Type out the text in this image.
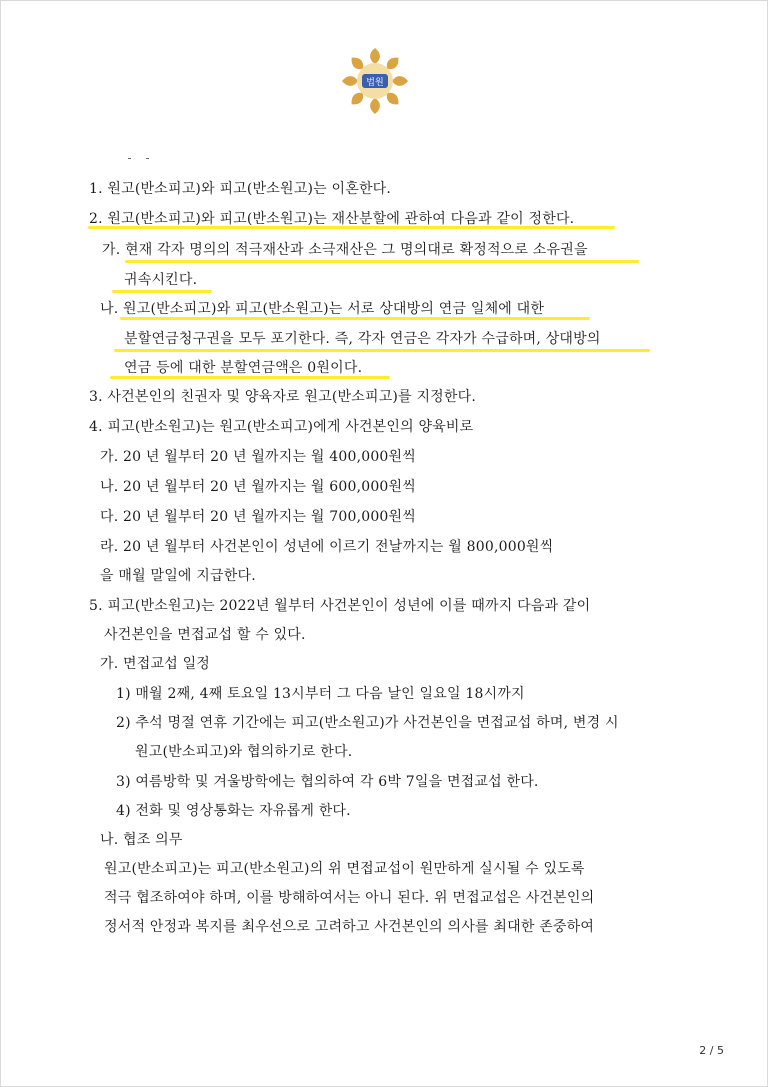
법원
1. 원고(반소피고)와 피고(반소원고)는 이혼한다.
2. 원고(반소피고)와 피고(반소원고)는 재산분할에 관하여 다음과 같이 정한다.
가. 현재 각자 명의의 적극재산과 소극재산은 그 명의대로 확정적으로 소유권을
귀속시킨다.
나. 원고(반소피고)와 피고(반소원고)는 서로 상대방의 연금 일체에 대한
분할연금청구권을 모두 포기한다. 즉, 각자 연금은 각자가 수급하며, 상대방의
연금 등에 대한 분할연금액은 0원이다.
3. 사건본인의 친권자 및 양육자로 원고(반소피고)를 지정한다.
4. 피고(반소원고)는 원고(반소피고)에게 사건본인의 양육비로
가. 20 년 월부터 20 년 월까지는 월 400,000원씩
나. 20 년 월부터 20 년 월까지는 월 600,000원씩
다. 20 년 월부터 20 년 월까지는 월 700,000원씩
라. 20 년 월부터 사건본인이 성년에 이르기 전날까지는 월 800,000원씩
을 매월 말일에 지급한다.
5. 피고(반소원고)는 2022년 월부터 사건본인이 성년에 이를 때까지 다음과 같이
사건본인을 면접교섭 할 수 있다.
가. 면접교섭 일정
1) 매월 2째, 4째 토요일 13시부터 그 다음 날인 일요일 18시까지
2) 추석 명절 연휴 기간에는 피고(반소원고)가 사건본인을 면접교섭 하며, 변경 시
원고(반소피고)와 협의하기로 한다.
3) 여름방학 및 겨울방학에는 협의하여 각 6박 7일을 면접교섭 한다.
4) 전화 및 영상통화는 자유롭게 한다.
나. 협조 의무
원고(반소피고)는 피고(반소원고)의 위 면접교섭이 원만하게 실시될 수 있도록
적극 협조하여야 하며, 이를 방해하여서는 아니 된다. 위 면접교섭은 사건본인의
정서적 안정과 복지를 최우선으로 고려하고 사건본인의 의사를 최대한 존중하여
2 / 5
